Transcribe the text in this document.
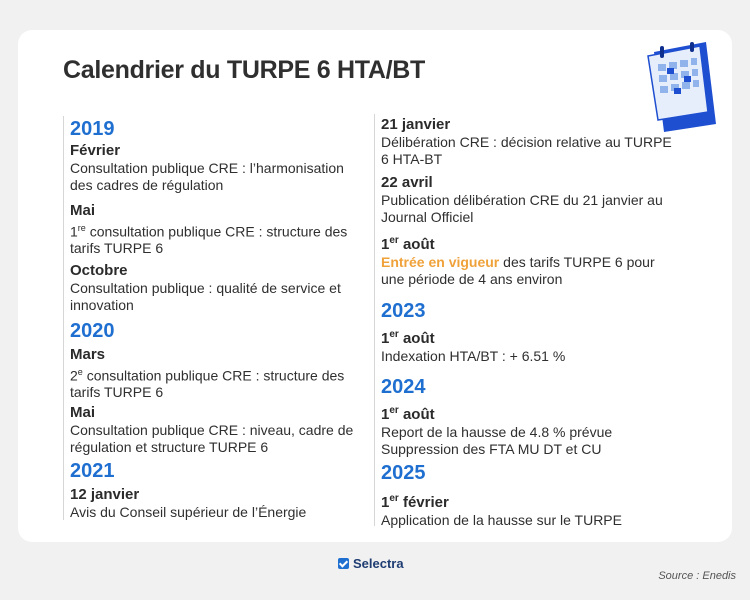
Calendrier du TURPE 6 HTA/BT
2019
Février
Consultation publique CRE : l’harmonisation des cadres de régulation
Mai
1re consultation publique CRE : structure des tarifs TURPE 6
Octobre
Consultation publique : qualité de service et innovation
2020
Mars
2e consultation publique CRE : structure des tarifs TURPE 6
Mai
Consultation publique CRE : niveau, cadre de régulation et structure TURPE 6
2021
12 janvier
Avis du Conseil supérieur de l’Énergie
21 janvier
Délibération CRE : décision relative au TURPE 6 HTA-BT
22 avril
Publication délibération CRE du 21 janvier au Journal Officiel
1er août
Entrée en vigueur des tarifs TURPE 6 pour une période de 4 ans environ
2023
1er août
Indexation HTA/BT : + 6.51 %
2024
1er août
Report de la hausse de 4.8 % prévue
Suppression des FTA MU DT et CU
2025
1er février
Application de la hausse sur le TURPE
Selectra
Source : Enedis
